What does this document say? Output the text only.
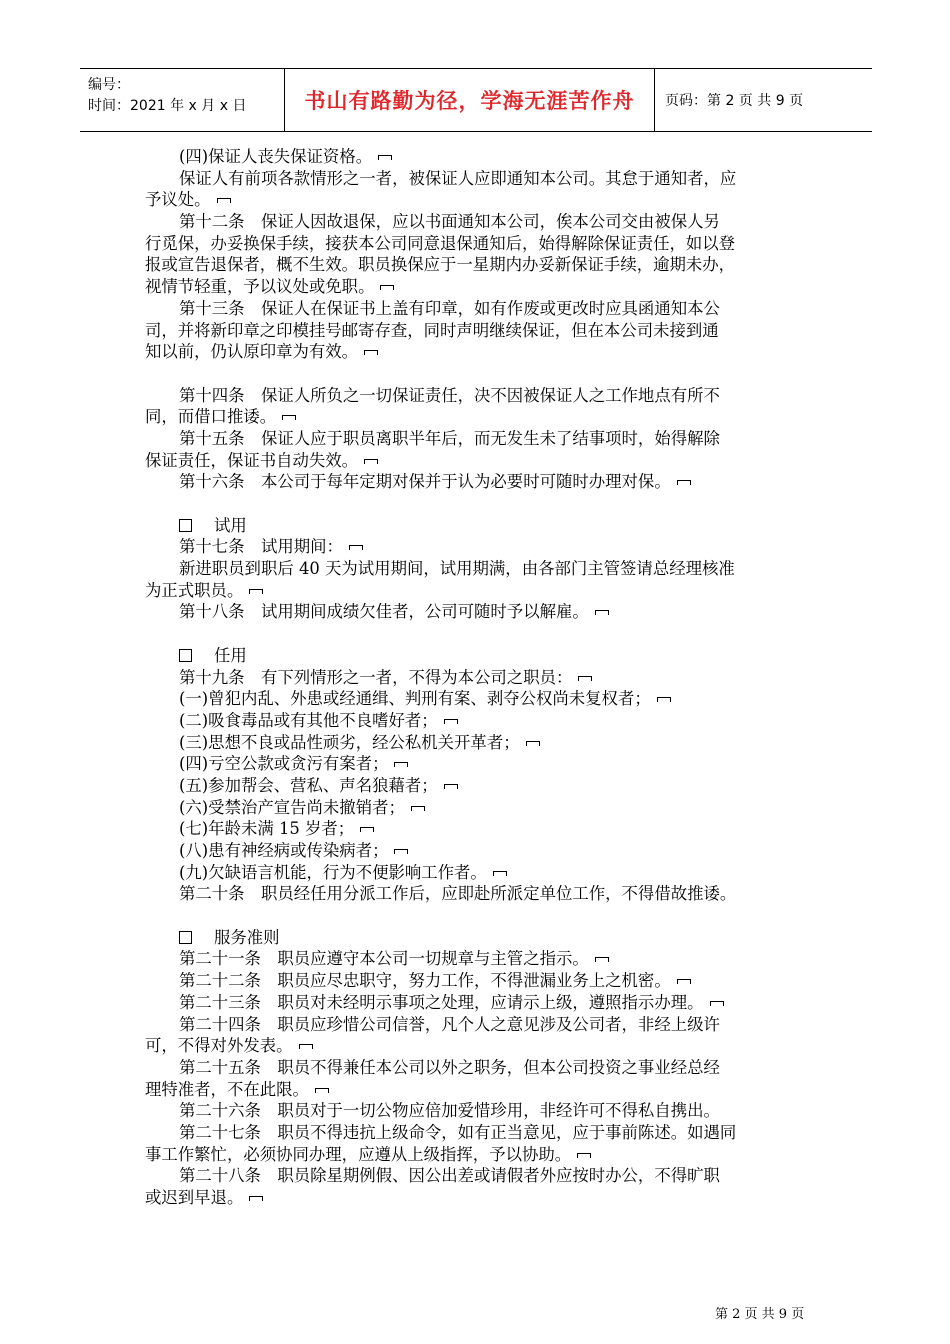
编号：
时间：2021 年 x 月 x 日	书山有路勤为径，学海无涯苦作舟	页码：第 2 页 共 9 页
(四)保证人丧失保证资格。
保证人有前项各款情形之一者，被保证人应即通知本公司。其怠于通知者，应
予议处。
第十二条　保证人因故退保，应以书面通知本公司，俟本公司交由被保人另
行觅保，办妥换保手续，接获本公司同意退保通知后，始得解除保证责任，如以登
报或宣告退保者，概不生效。职员换保应于一星期内办妥新保证手续，逾期未办，
视情节轻重，予以议处或免职。
第十三条　保证人在保证书上盖有印章，如有作废或更改时应具函通知本公
司，并将新印章之印模挂号邮寄存查，同时声明继续保证，但在本公司未接到通
知以前，仍认原印章为有效。
第十四条　保证人所负之一切保证责任，决不因被保证人之工作地点有所不
同，而借口推诿。
第十五条　保证人应于职员离职半年后，而无发生未了结事项时，始得解除
保证责任，保证书自动失效。
第十六条　本公司于每年定期对保并于认为必要时可随时办理对保。
试用
第十七条　试用期间：
新进职员到职后 40 天为试用期间，试用期满，由各部门主管签请总经理核准
为正式职员。
第十八条　试用期间成绩欠佳者，公司可随时予以解雇。
任用
第十九条　有下列情形之一者，不得为本公司之职员：
(一)曾犯内乱、外患或经通缉、判刑有案、剥夺公权尚未复权者；
(二)吸食毒品或有其他不良嗜好者；
(三)思想不良或品性顽劣，经公私机关开革者；
(四)亏空公款或贪污有案者；
(五)参加帮会、营私、声名狼藉者；
(六)受禁治产宣告尚未撤销者；
(七)年龄未满 15 岁者；
(八)患有神经病或传染病者；
(九)欠缺语言机能，行为不便影响工作者。
第二十条　职员经任用分派工作后，应即赴所派定单位工作，不得借故推诿。
服务准则
第二十一条　职员应遵守本公司一切规章与主管之指示。
第二十二条　职员应尽忠职守，努力工作，不得泄漏业务上之机密。
第二十三条　职员对未经明示事项之处理，应请示上级，遵照指示办理。
第二十四条　职员应珍惜公司信誉，凡个人之意见涉及公司者，非经上级许
可，不得对外发表。
第二十五条　职员不得兼任本公司以外之职务，但本公司投资之事业经总经
理特准者，不在此限。
第二十六条　职员对于一切公物应倍加爱惜珍用，非经许可不得私自携出。
第二十七条　职员不得违抗上级命令，如有正当意见，应于事前陈述。如遇同
事工作繁忙，必须协同办理，应遵从上级指挥，予以协助。
第二十八条　职员除星期例假、因公出差或请假者外应按时办公，不得旷职
或迟到早退。
第 2 页 共 9 页
